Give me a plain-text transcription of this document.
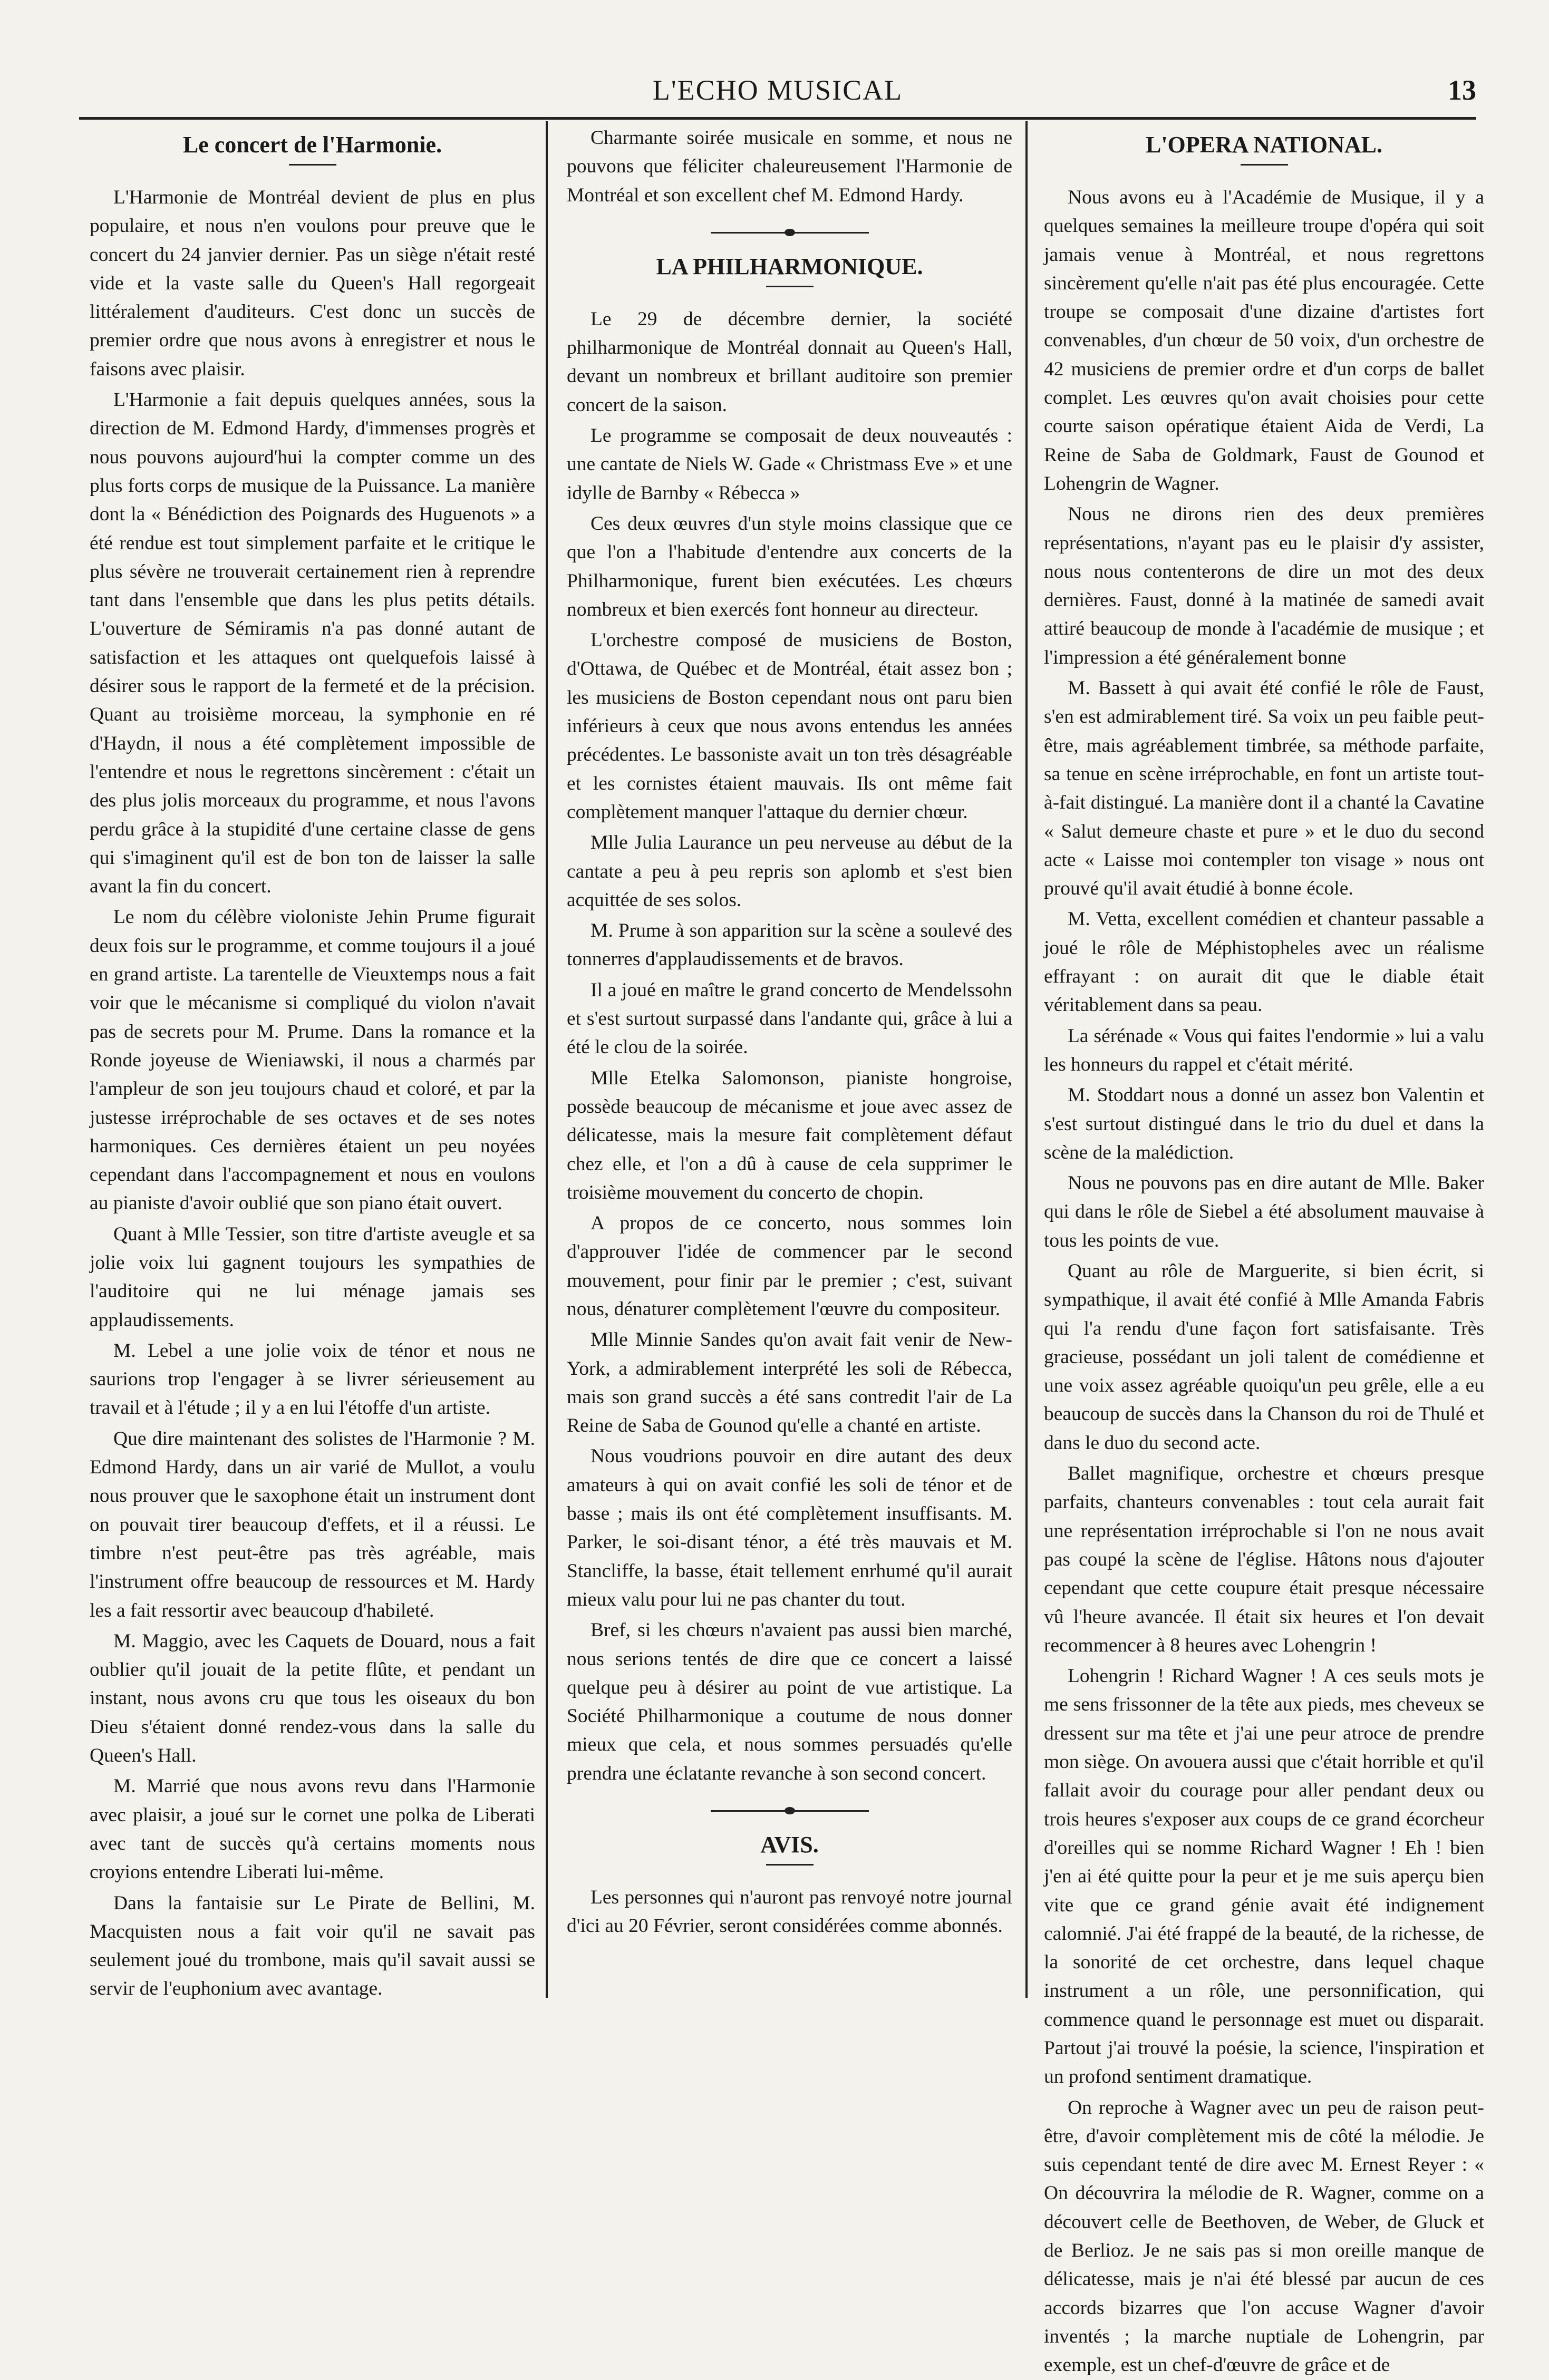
L'ECHO MUSICAL	13
Le concert de l'Harmonie.

L'Harmonie de Montréal devient de plus en plus populaire, et nous n'en voulons pour preuve que le concert du 24 janvier dernier. Pas un siège n'était resté vide et la vaste salle du Queen's Hall regorgeait littéralement d'auditeurs. C'est donc un succès de premier ordre que nous avons à enregistrer et nous le faisons avec plaisir.

L'Harmonie a fait depuis quelques années, sous la direction de M. Edmond Hardy, d'immenses progrès et nous pouvons aujourd'hui la compter comme un des plus forts corps de musique de la Puissance. La manière dont la « Bénédiction des Poignards des Huguenots » a été rendue est tout simplement parfaite et le critique le plus sévère ne trouverait certainement rien à reprendre tant dans l'ensemble que dans les plus petits détails. L'ouverture de Sémiramis n'a pas donné autant de satisfaction et les attaques ont quelquefois laissé à désirer sous le rapport de la fermeté et de la précision. Quant au troisième morceau, la symphonie en ré d'Haydn, il nous a été complètement impossible de l'entendre et nous le regrettons sincèrement : c'était un des plus jolis morceaux du programme, et nous l'avons perdu grâce à la stupidité d'une certaine classe de gens qui s'imaginent qu'il est de bon ton de laisser la salle avant la fin du concert.

Le nom du célèbre violoniste Jehin Prume figurait deux fois sur le programme, et comme toujours il a joué en grand artiste. La tarentelle de Vieuxtemps nous a fait voir que le mécanisme si compliqué du violon n'avait pas de secrets pour M. Prume. Dans la romance et la Ronde joyeuse de Wieniawski, il nous a charmés par l'ampleur de son jeu toujours chaud et coloré, et par la justesse irréprochable de ses octaves et de ses notes harmoniques. Ces dernières étaient un peu noyées cependant dans l'accompagnement et nous en voulons au pianiste d'avoir oublié que son piano était ouvert.

Quant à Mlle Tessier, son titre d'artiste aveugle et sa jolie voix lui gagnent toujours les sympathies de l'auditoire qui ne lui ménage jamais ses applaudissements.

M. Lebel a une jolie voix de ténor et nous ne saurions trop l'engager à se livrer sérieusement au travail et à l'étude ; il y a en lui l'étoffe d'un artiste.

Que dire maintenant des solistes de l'Harmonie ? M. Edmond Hardy, dans un air varié de Mullot, a voulu nous prouver que le saxophone était un instrument dont on pouvait tirer beaucoup d'effets, et il a réussi. Le timbre n'est peut-être pas très agréable, mais l'instrument offre beaucoup de ressources et M. Hardy les a fait ressortir avec beaucoup d'habileté.

M. Maggio, avec les Caquets de Douard, nous a fait oublier qu'il jouait de la petite flûte, et pendant un instant, nous avons cru que tous les oiseaux du bon Dieu s'étaient donné rendez-vous dans la salle du Queen's Hall.

M. Marrié que nous avons revu dans l'Harmonie avec plaisir, a joué sur le cornet une polka de Liberati avec tant de succès qu'à certains moments nous croyions entendre Liberati lui-même.

Dans la fantaisie sur Le Pirate de Bellini, M. Macquisten nous a fait voir qu'il ne savait pas seulement joué du trombone, mais qu'il savait aussi se servir de l'euphonium avec avantage.

Charmante soirée musicale en somme, et nous ne pouvons que féliciter chaleureusement l'Harmonie de Montréal et son excellent chef M. Edmond Hardy.

LA PHILHARMONIQUE.

Le 29 de décembre dernier, la société philharmonique de Montréal donnait au Queen's Hall, devant un nombreux et brillant auditoire son premier concert de la saison.

Le programme se composait de deux nouveautés : une cantate de Niels W. Gade « Christmass Eve » et une idylle de Barnby « Rébecca »

Ces deux œuvres d'un style moins classique que ce que l'on a l'habitude d'entendre aux concerts de la Philharmonique, furent bien exécutées. Les chœurs nombreux et bien exercés font honneur au directeur.

L'orchestre composé de musiciens de Boston, d'Ottawa, de Québec et de Montréal, était assez bon ; les musiciens de Boston cependant nous ont paru bien inférieurs à ceux que nous avons entendus les années précédentes. Le bassoniste avait un ton très désagréable et les cornistes étaient mauvais. Ils ont même fait complètement manquer l'attaque du dernier chœur.

Mlle Julia Laurance un peu nerveuse au début de la cantate a peu à peu repris son aplomb et s'est bien acquittée de ses solos.

M. Prume à son apparition sur la scène a soulevé des tonnerres d'applaudissements et de bravos.

Il a joué en maître le grand concerto de Mendelssohn et s'est surtout surpassé dans l'andante qui, grâce à lui a été le clou de la soirée.

Mlle Etelka Salomonson, pianiste hongroise, possède beaucoup de mécanisme et joue avec assez de délicatesse, mais la mesure fait complètement défaut chez elle, et l'on a dû à cause de cela supprimer le troisième mouvement du concerto de chopin.

A propos de ce concerto, nous sommes loin d'approuver l'idée de commencer par le second mouvement, pour finir par le premier ; c'est, suivant nous, dénaturer complètement l'œuvre du compositeur.

Mlle Minnie Sandes qu'on avait fait venir de New-York, a admirablement interprété les soli de Rébecca, mais son grand succès a été sans contredit l'air de La Reine de Saba de Gounod qu'elle a chanté en artiste.

Nous voudrions pouvoir en dire autant des deux amateurs à qui on avait confié les soli de ténor et de basse ; mais ils ont été complètement insuffisants. M. Parker, le soi-disant ténor, a été très mauvais et M. Stancliffe, la basse, était tellement enrhumé qu'il aurait mieux valu pour lui ne pas chanter du tout.

Bref, si les chœurs n'avaient pas aussi bien marché, nous serions tentés de dire que ce concert a laissé quelque peu à désirer au point de vue artistique. La Société Philharmonique a coutume de nous donner mieux que cela, et nous sommes persuadés qu'elle prendra une éclatante revanche à son second concert.

AVIS.

Les personnes qui n'auront pas renvoyé notre journal d'ici au 20 Février, seront considérées comme abonnés.

L'OPERA NATIONAL.

Nous avons eu à l'Académie de Musique, il y a quelques semaines la meilleure troupe d'opéra qui soit jamais venue à Montréal, et nous regrettons sincèrement qu'elle n'ait pas été plus encouragée. Cette troupe se composait d'une dizaine d'artistes fort convenables, d'un chœur de 50 voix, d'un orchestre de 42 musiciens de premier ordre et d'un corps de ballet complet. Les œuvres qu'on avait choisies pour cette courte saison opératique étaient Aida de Verdi, La Reine de Saba de Goldmark, Faust de Gounod et Lohengrin de Wagner.

Nous ne dirons rien des deux premières représentations, n'ayant pas eu le plaisir d'y assister, nous nous contenterons de dire un mot des deux dernières. Faust, donné à la matinée de samedi avait attiré beaucoup de monde à l'académie de musique ; et l'impression a été généralement bonne

M. Bassett à qui avait été confié le rôle de Faust, s'en est admirablement tiré. Sa voix un peu faible peut-être, mais agréablement timbrée, sa méthode parfaite, sa tenue en scène irréprochable, en font un artiste tout-à-fait distingué. La manière dont il a chanté la Cavatine « Salut demeure chaste et pure » et le duo du second acte « Laisse moi contempler ton visage » nous ont prouvé qu'il avait étudié à bonne école.

M. Vetta, excellent comédien et chanteur passable a joué le rôle de Méphistopheles avec un réalisme effrayant : on aurait dit que le diable était véritablement dans sa peau.

La sérénade « Vous qui faites l'endormie » lui a valu les honneurs du rappel et c'était mérité.

M. Stoddart nous a donné un assez bon Valentin et s'est surtout distingué dans le trio du duel et dans la scène de la malédiction.

Nous ne pouvons pas en dire autant de Mlle. Baker qui dans le rôle de Siebel a été absolument mauvaise à tous les points de vue.

Quant au rôle de Marguerite, si bien écrit, si sympathique, il avait été confié à Mlle Amanda Fabris qui l'a rendu d'une façon fort satisfaisante. Très gracieuse, possédant un joli talent de comédienne et une voix assez agréable quoiqu'un peu grêle, elle a eu beaucoup de succès dans la Chanson du roi de Thulé et dans le duo du second acte.

Ballet magnifique, orchestre et chœurs presque parfaits, chanteurs convenables : tout cela aurait fait une représentation irréprochable si l'on ne nous avait pas coupé la scène de l'église. Hâtons nous d'ajouter cependant que cette coupure était presque nécessaire vû l'heure avancée. Il était six heures et l'on devait recommencer à 8 heures avec Lohengrin !

Lohengrin ! Richard Wagner ! A ces seuls mots je me sens frissonner de la tête aux pieds, mes cheveux se dressent sur ma tête et j'ai une peur atroce de prendre mon siège. On avouera aussi que c'était horrible et qu'il fallait avoir du courage pour aller pendant deux ou trois heures s'exposer aux coups de ce grand écorcheur d'oreilles qui se nomme Richard Wagner ! Eh ! bien j'en ai été quitte pour la peur et je me suis aperçu bien vite que ce grand génie avait été indignement calomnié. J'ai été frappé de la beauté, de la richesse, de la sonorité de cet orchestre, dans lequel chaque instrument a un rôle, une personnification, qui commence quand le personnage est muet ou disparait. Partout j'ai trouvé la poésie, la science, l'inspiration et un profond sentiment dramatique.

On reproche à Wagner avec un peu de raison peut-être, d'avoir complètement mis de côté la mélodie. Je suis cependant tenté de dire avec M. Ernest Reyer : « On découvrira la mélodie de R. Wagner, comme on a découvert celle de Beethoven, de Weber, de Gluck et de Berlioz. Je ne sais pas si mon oreille manque de délicatesse, mais je n'ai été blessé par aucun de ces accords bizarres que l'on accuse Wagner d'avoir inventés ; la marche nuptiale de Lohengrin, par exemple, est un chef-d'œuvre de grâce et de
